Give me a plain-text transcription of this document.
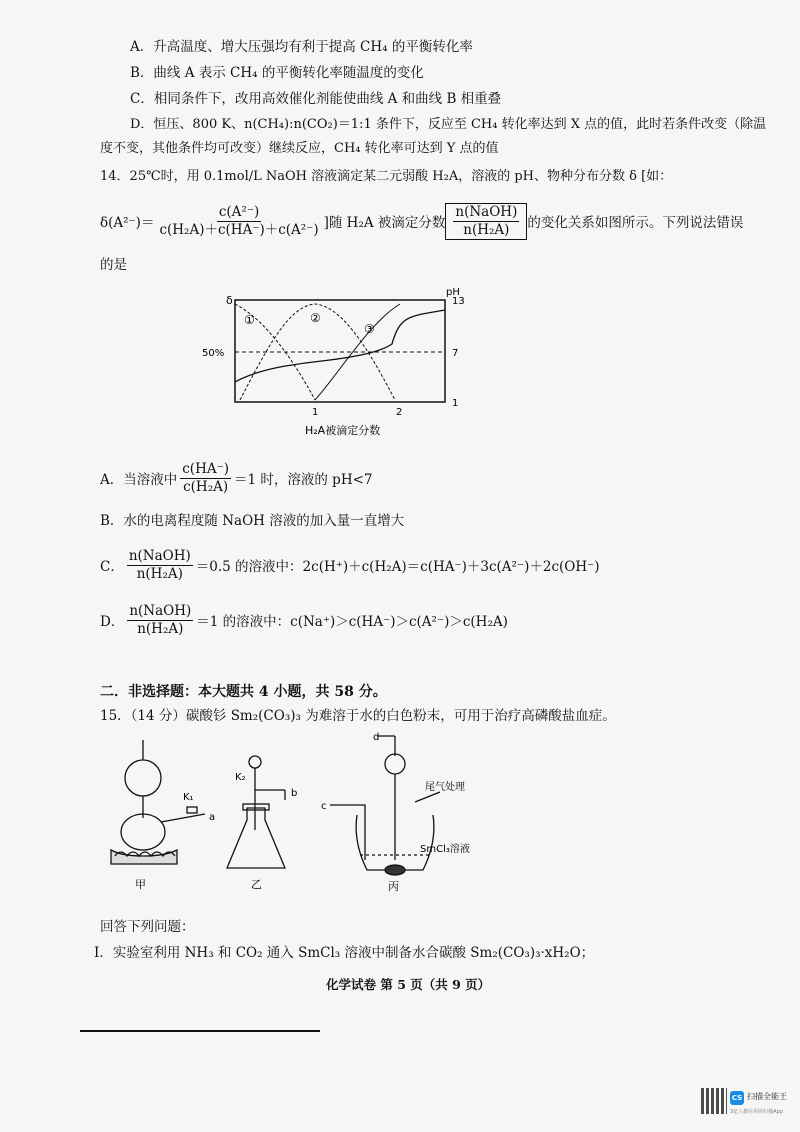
A．升高温度、增大压强均有利于提高 CH₄ 的平衡转化率
B．曲线 A 表示 CH₄ 的平衡转化率随温度的变化
C．相同条件下，改用高效催化剂能使曲线 A 和曲线 B 相重叠
D．恒压、800 K、n(CH₄):n(CO₂)＝1:1 条件下，反应至 CH₄ 转化率达到 X 点的值，此时若条件改变（除温
度不变，其他条件均可改变）继续反应，CH₄ 转化率可达到 Y 点的值
14．25℃时，用 0.1mol/L NaOH 溶液滴定某二元弱酸 H₂A，溶液的 pH、物种分布分数 δ [如：
$\delta(A^{2-})= \frac{\text{c(A²⁻)}}{\text{c(H₂A)＋c(HA⁻)＋c(A²⁻)}}$ ]随 H₂A 被滴定分数 $\frac{\text{n(NaOH)}}{\text{n(H₂A)}}$ 的变化关系如图所示。下列说法错误
的是
δ
pH
50%
13
7
1
1	2
①	②
③
H₂A被滴定分数
A．当溶液中 $\frac{c(HA^-)}{\text{c(H₂A)}} =1$ 时，溶液的 pH<7
B．水的电离程度随 NaOH 溶液的加入量一直增大
C． $\frac{\text{n(NaOH)}}{\text{n(H₂A)}} =0.5$ 的溶液中：2c(H⁺)＋c(H₂A)＝c(HA⁻)＋3c(A²⁻)＋2c(OH⁻)
D． $\frac{\text{n(NaOH)}}{\text{n(H₂A)}} =1$ 的溶液中：c(Na⁺)＞c(HA⁻)＞c(A²⁻)＞c(H₂A)
二．非选择题：本大题共 4 小题，共 58 分。
15．（14 分）碳酸钐 Sm₂(CO₃)₃ 为难溶于水的白色粉末，可用于治疗高磷酸盐血症。
K₁
a
甲
K₂
b
乙
d
c
尾气处理
SmCl₃溶液
丙
回答下列问题：
I．实验室利用 NH₃ 和 CO₂ 通入 SmCl₃ 溶液中制备水合碳酸 Sm₂(CO₃)₃·xH₂O；
化学试卷 第 5 页（共 9 页）
CS 扫描全能王
3亿人都在用的扫描App
